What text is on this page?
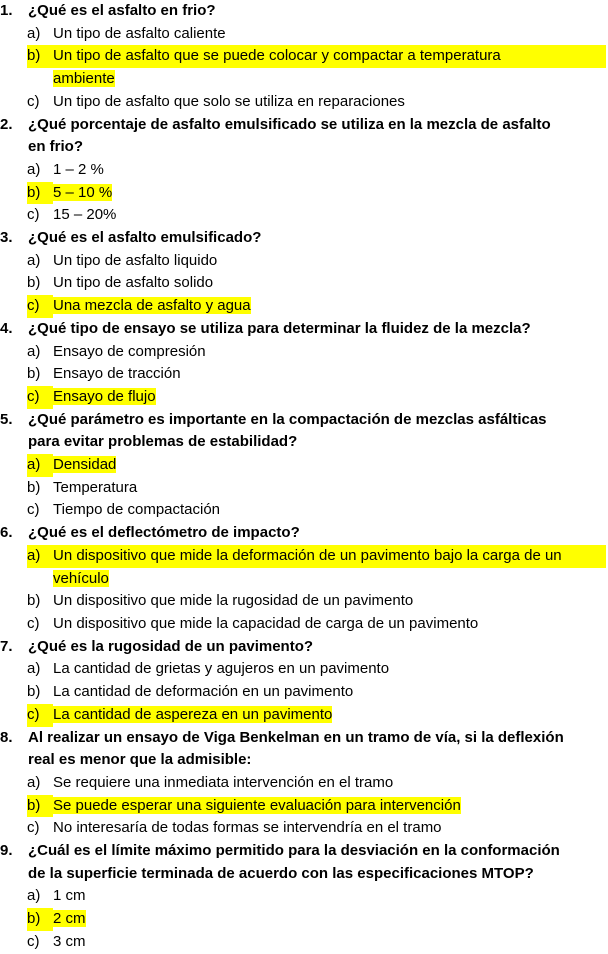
1.	¿Qué es el asfalto en frio?
a) Un tipo de asfalto caliente
b) Un tipo de asfalto que se puede colocar y compactar a temperatura
ambiente
c) Un tipo de asfalto que solo se utiliza en reparaciones
2.	¿Qué porcentaje de asfalto emulsificado se utiliza en la mezcla de asfalto
en frio?
a) 1 – 2 %
b) 5 – 10 %
c) 15 – 20%
3.	¿Qué es el asfalto emulsificado?
a) Un tipo de asfalto liquido
b) Un tipo de asfalto solido
c) Una mezcla de asfalto y agua
4.	¿Qué tipo de ensayo se utiliza para determinar la fluidez de la mezcla?
a) Ensayo de compresión
b) Ensayo de tracción
c) Ensayo de flujo
5.	¿Qué parámetro es importante en la compactación de mezclas asfálticas
para evitar problemas de estabilidad?
a) Densidad
b) Temperatura
c) Tiempo de compactación
6.	¿Qué es el deflectómetro de impacto?
a) Un dispositivo que mide la deformación de un pavimento bajo la carga de un
vehículo
b) Un dispositivo que mide la rugosidad de un pavimento
c) Un dispositivo que mide la capacidad de carga de un pavimento
7.	¿Qué es la rugosidad de un pavimento?
a) La cantidad de grietas y agujeros en un pavimento
b) La cantidad de deformación en un pavimento
c) La cantidad de aspereza en un pavimento
8.	Al realizar un ensayo de Viga Benkelman en un tramo de vía, si la deflexión
real es menor que la admisible:
a) Se requiere una inmediata intervención en el tramo
b) Se puede esperar una siguiente evaluación para intervención
c) No interesaría de todas formas se intervendría en el tramo
9.	¿Cuál es el límite máximo permitido para la desviación en la conformación
de la superficie terminada de acuerdo con las especificaciones MTOP?
a) 1 cm
b) 2 cm
c) 3 cm
